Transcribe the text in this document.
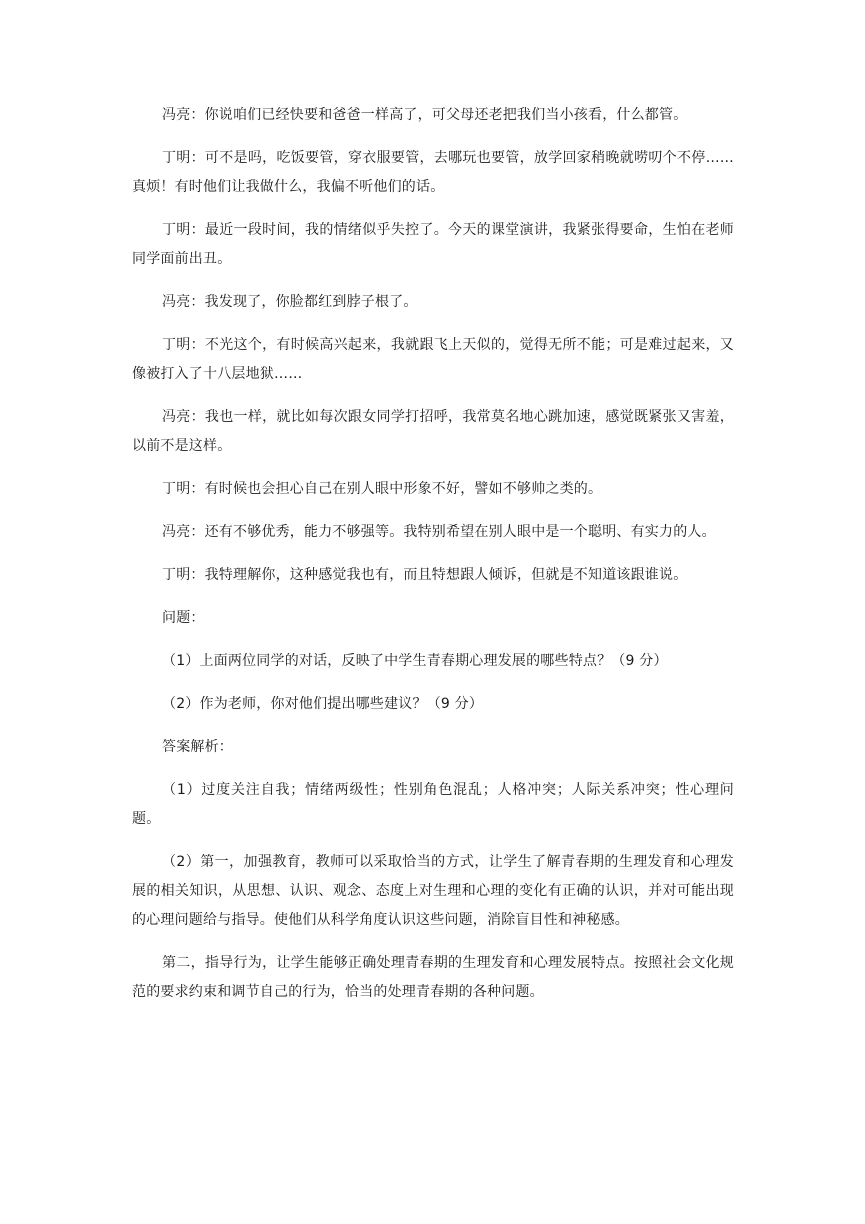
冯亮：你说咱们已经快要和爸爸一样高了，可父母还老把我们当小孩看，什么都管。

丁明：可不是吗，吃饭要管，穿衣服要管，去哪玩也要管，放学回家稍晚就唠叨个不停……真烦！有时他们让我做什么，我偏不听他们的话。

丁明：最近一段时间，我的情绪似乎失控了。今天的课堂演讲，我紧张得要命，生怕在老师同学面前出丑。

冯亮：我发现了，你脸都红到脖子根了。

丁明：不光这个，有时候高兴起来，我就跟飞上天似的，觉得无所不能；可是难过起来，又像被打入了十八层地狱……

冯亮：我也一样，就比如每次跟女同学打招呼，我常莫名地心跳加速，感觉既紧张又害羞，以前不是这样。

丁明：有时候也会担心自己在别人眼中形象不好，譬如不够帅之类的。

冯亮：还有不够优秀，能力不够强等。我特别希望在别人眼中是一个聪明、有实力的人。

丁明：我特理解你，这种感觉我也有，而且特想跟人倾诉，但就是不知道该跟谁说。

问题：

（1）上面两位同学的对话，反映了中学生青春期心理发展的哪些特点？（9 分）

（2）作为老师，你对他们提出哪些建议？（9 分）

答案解析：

（1）过度关注自我；情绪两级性；性别角色混乱；人格冲突；人际关系冲突；性心理问题。

（2）第一，加强教育，教师可以采取恰当的方式，让学生了解青春期的生理发育和心理发展的相关知识，从思想、认识、观念、态度上对生理和心理的变化有正确的认识，并对可能出现的心理问题给与指导。使他们从科学角度认识这些问题，消除盲目性和神秘感。

第二，指导行为，让学生能够正确处理青春期的生理发育和心理发展特点。按照社会文化规范的要求约束和调节自己的行为，恰当的处理青春期的各种问题。
